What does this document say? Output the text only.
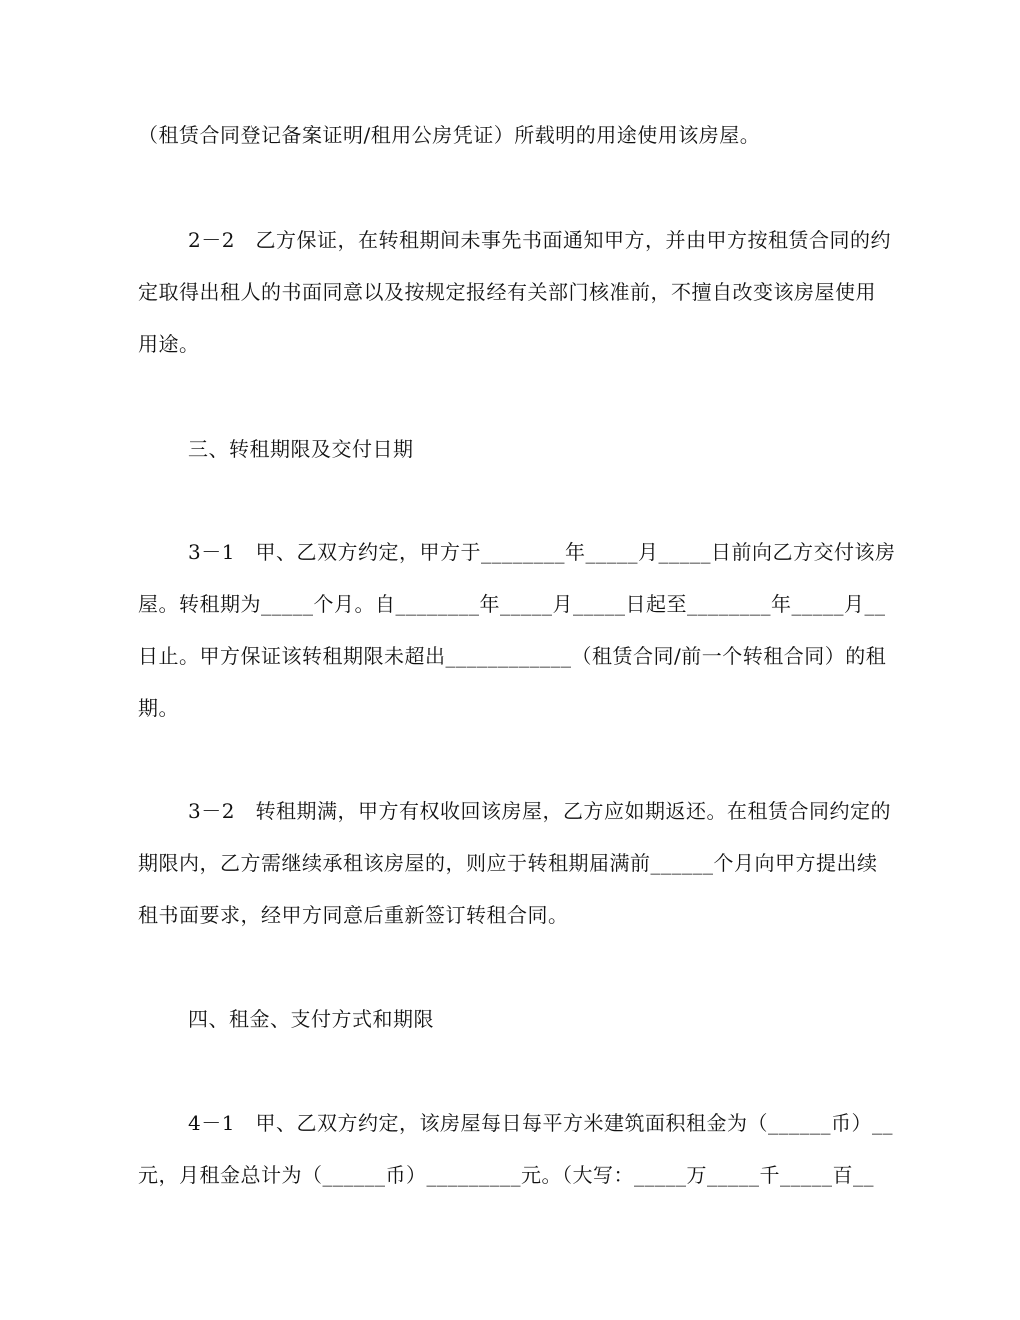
（租赁合同登记备案证明/租用公房凭证）所载明的用途使用该房屋。
2－2　乙方保证，在转租期间未事先书面通知甲方，并由甲方按租赁合同的约
定取得出租人的书面同意以及按规定报经有关部门核准前，不擅自改变该房屋使用
用途。
三、转租期限及交付日期
3－1　甲、乙双方约定，甲方于________年_____月_____日前向乙方交付该房
屋。转租期为_____个月。自________年_____月_____日起至________年_____月__
日止。甲方保证该转租期限未超出____________（租赁合同/前一个转租合同）的租
期。
3－2　转租期满，甲方有权收回该房屋，乙方应如期返还。在租赁合同约定的
期限内，乙方需继续承租该房屋的，则应于转租期届满前______个月向甲方提出续
租书面要求，经甲方同意后重新签订转租合同。
四、租金、支付方式和期限
4－1　甲、乙双方约定，该房屋每日每平方米建筑面积租金为（______币）__
元，月租金总计为（______币）_________元。（大写：_____万_____千_____百__
